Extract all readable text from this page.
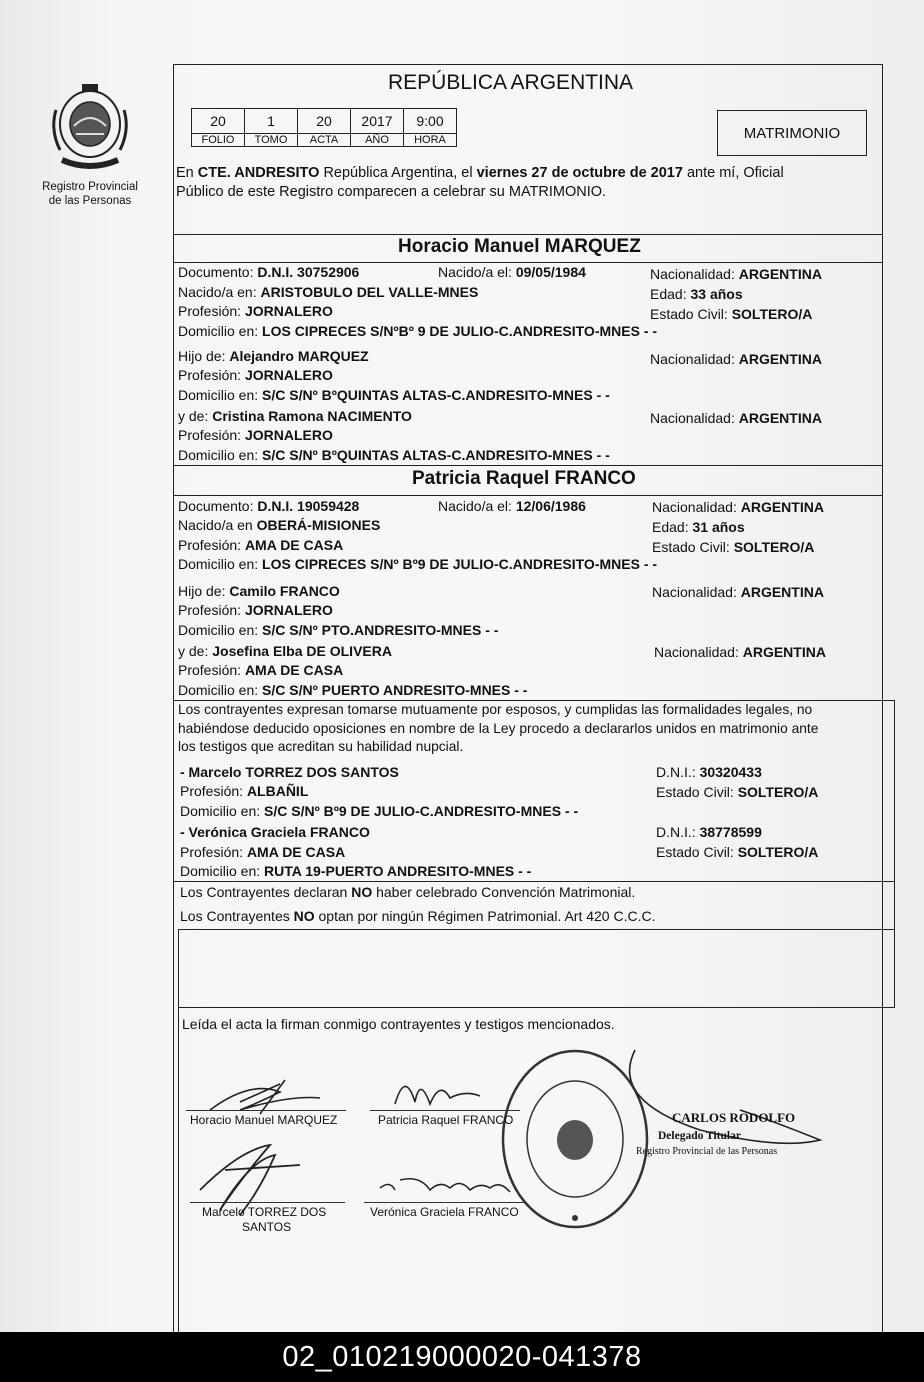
Registro Provincial
de las Personas
REPÚBLICA ARGENTINA
20	1	20	2017	9:00
FOLIO	TOMO	ACTA	AÑO	HORA	MATRIMONIO
En CTE. ANDRESITO República Argentina, el viernes 27 de octubre de 2017 ante mí, Oficial
Público de este Registro comparecen a celebrar su MATRIMONIO.
Horacio Manuel MARQUEZ
Documento: D.N.I. 30752906	Nacido/a el: 09/05/1984	Nacionalidad: ARGENTINA
Nacido/a en: ARISTOBULO DEL VALLE-MNES	Edad: 33 años
Profesión: JORNALERO	Estado Civil: SOLTERO/A
Domicilio en: LOS CIPRECES S/NºBº 9 DE JULIO-C.ANDRESITO-MNES - -
Hijo de: Alejandro MARQUEZ	Nacionalidad: ARGENTINA
Profesión: JORNALERO
Domicilio en: S/C S/Nº BºQUINTAS ALTAS-C.ANDRESITO-MNES - -
y de: Cristina Ramona NACIMENTO	Nacionalidad: ARGENTINA
Profesión: JORNALERO
Domicilio en: S/C S/Nº BºQUINTAS ALTAS-C.ANDRESITO-MNES - -
Patricia Raquel FRANCO
Documento: D.N.I. 19059428	Nacido/a el: 12/06/1986	Nacionalidad: ARGENTINA
Nacido/a en OBERÁ-MISIONES	Edad: 31 años
Profesión: AMA DE CASA	Estado Civil: SOLTERO/A
Domicilio en: LOS CIPRECES S/Nº Bº9 DE JULIO-C.ANDRESITO-MNES - -
Hijo de: Camilo FRANCO	Nacionalidad: ARGENTINA
Profesión: JORNALERO
Domicilio en: S/C S/Nº PTO.ANDRESITO-MNES - -
y de: Josefina Elba DE OLIVERA	Nacionalidad: ARGENTINA
Profesión: AMA DE CASA
Domicilio en: S/C S/Nº PUERTO ANDRESITO-MNES - -
Los contrayentes expresan tomarse mutuamente por esposos, y cumplidas las formalidades legales, no
habiéndose deducido oposiciones en nombre de la Ley procedo a declararlos unidos en matrimonio ante
los testigos que acreditan su habilidad nupcial.
- Marcelo TORREZ DOS SANTOS	D.N.I.: 30320433
Profesión: ALBAÑIL	Estado Civil: SOLTERO/A
Domicilio en: S/C S/Nº Bº9 DE JULIO-C.ANDRESITO-MNES - -
- Verónica Graciela FRANCO	D.N.I.: 38778599
Profesión: AMA DE CASA	Estado Civil: SOLTERO/A
Domicilio en: RUTA 19-PUERTO ANDRESITO-MNES - -
Los Contrayentes declaran NO haber celebrado Convención Matrimonial.
Los Contrayentes NO optan por ningún Régimen Patrimonial. Art 420 C.C.C.
Leída el acta la firman conmigo contrayentes y testigos mencionados.
Horacio Manuel MARQUEZ	Patricia Raquel FRANCO	CARLOS RODOLFO
Delegado Titular
Registro Provincial de las Personas
Marcelo TORREZ DOS
SANTOS
Verónica Graciela FRANCO
02_010219000020-041378
